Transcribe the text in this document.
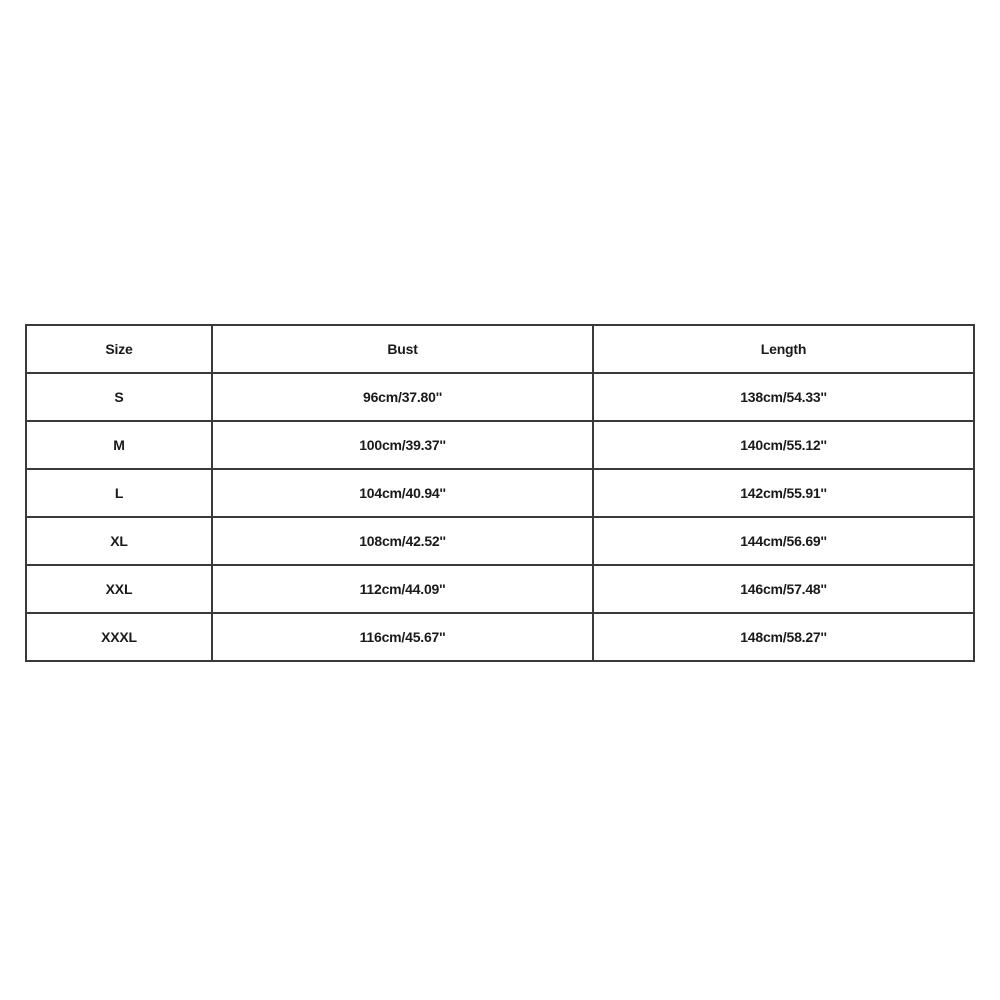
Size	Bust	Length
S	96cm/37.80''	138cm/54.33''
M	100cm/39.37''	140cm/55.12''
L	104cm/40.94''	142cm/55.91''
XL	108cm/42.52''	144cm/56.69''
XXL	112cm/44.09''	146cm/57.48''
XXXL	116cm/45.67''	148cm/58.27''
